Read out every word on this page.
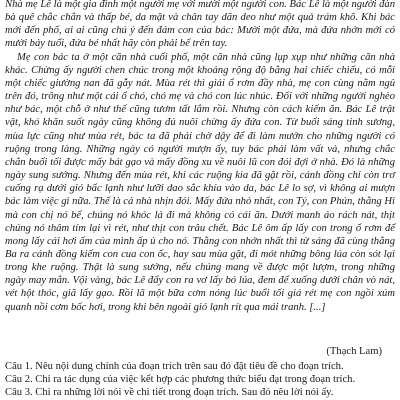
Nhà mẹ Lê là một gia đình một người mẹ với mười một người con. Bác Lê là một người đàn bà quê chắc chắn và thấp bé, da mặt và chân tay dăn deo như một quả trám khô. Khi bác mới đến phố, ai ai cũng chú ý đến đám con của bác: Mười một đứa, mà đứa nhớn mới có mười bảy tuổi, đứa bé nhất hãy còn phải bế trên tay.

Mẹ con bác ta ở một căn nhà cuối phố, một căn nhà cũng lụp xụp như những căn nhà khác. Chừng ấy người chen chúc trong một khoảng rộng độ bằng hai chiếc chiếu, có mỗi một chiếc giường nan đã gẫy nát. Mùa rét thì giải ổ rơm đầy nhà, mẹ con cùng nằm ngủ trên đó, trông như một cái ổ chó, chó mẹ và chó con lúc nhúc. Đối với những người nghèo như bác, một chỗ ở như thế cũng tươm tất lắm rồi. Nhưng còn cách kiếm ăn. Bác Lê trật vật, khó khăn suốt ngày cũng không đủ nuôi chừng ấy đứa con. Từ buổi sáng tinh sương, mùa lực cũng như mùa rét, bác ta đã phải chờ dậy để đi làm mướn cho những người có ruộng trong làng. Những ngày có người mượn ấy, tuy bác phải làm vất vả, nhưng chắc chắn buổi tối được mấy bát gạo và mấy đồng xu về nuôi lũ con đói đợi ở nhà. Đó là những ngày sung sướng. Nhưng đến mùa rét, khi các ruộng kia đã gặt rồi, cánh đồng chỉ còn trơ cuống rạ dưới gió bấc lạnh như lưỡi dao sắc khía vào da, bác Lê lo sợ, vì không ai mượn bác làm việc gì nữa. Thế là cả nhà nhịn đói. Mấy đứa nhỏ nhất, con Tý, con Phún, thằng Hi mà con chị nó bế, chúng nó khóc lả đi mà không có cái ăn. Dưới manh áo rách nát, thịt chúng nó thâm tím lại vì rét, như thịt con trâu chết. Bác Lê ôm ấp lấy con trong ổ rơm để mong lấy cái hơi ấm của mình ấp ủ cho nó. Thằng con nhớn nhất thì từ sáng đã cùng thằng Ba ra cánh đồng kiếm con cua con ốc, hay sau mùa gặt, đi mót những bông lúa còn sót lại trong khe ruộng. Thật là sung sướng, nếu chúng mang về được một lượm, trong những ngày may mắn. Vội vàng, bác Lê đẩy con ra vơ lấy bó lúa, đem để xuống dưới chân vò nát, vét hột thóc, giã lấy gạo. Rồi lã một bữa cơm nóng lúc buổi tối giá rét mẹ con ngồi xúm quanh nồi cơm bốc hơi, trong khi bên ngoài gió lạnh rít qua mái tranh. [...]

(Thạch Lam)
Câu 1. Nêu nội dung chính của đoạn trích trên sau đó đặt tiêu đề cho đoạn trích.
Câu 2. Chỉ ra tác dụng của việc kết hợp các phương thức biểu đạt trong đoạn trích.
Câu 3. Chỉ ra những lời nói về chi tiết trong đoạn trích. Sau đó nêu lời nói ấy.
